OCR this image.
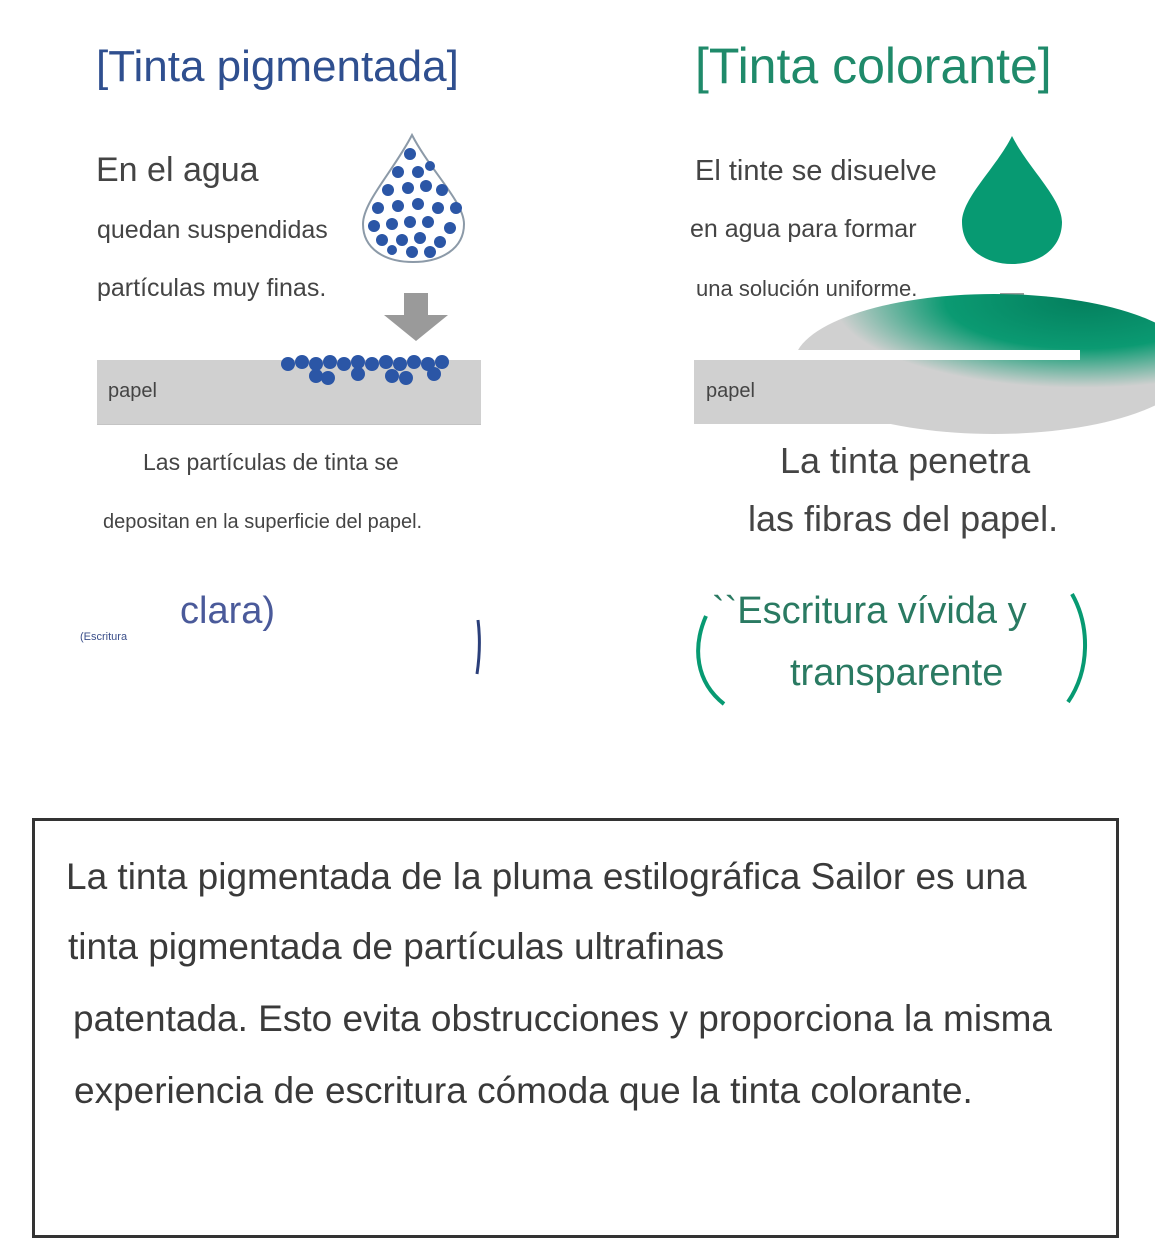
[Tinta pigmentada]
En el agua
quedan suspendidas
partículas muy finas.
papel
Las partículas de tinta se
depositan en la superficie del papel.
(Escritura
clara)
[Tinta colorante]
El tinte se disuelve
en agua para formar
una solución uniforme.
papel
La tinta penetra
las fibras del papel.
``Escritura vívida y
transparente
La tinta pigmentada de la pluma estilográfica Sailor es una
tinta pigmentada de partículas ultrafinas
patentada. Esto evita obstrucciones y proporciona la misma
experiencia de escritura cómoda que la tinta colorante.
